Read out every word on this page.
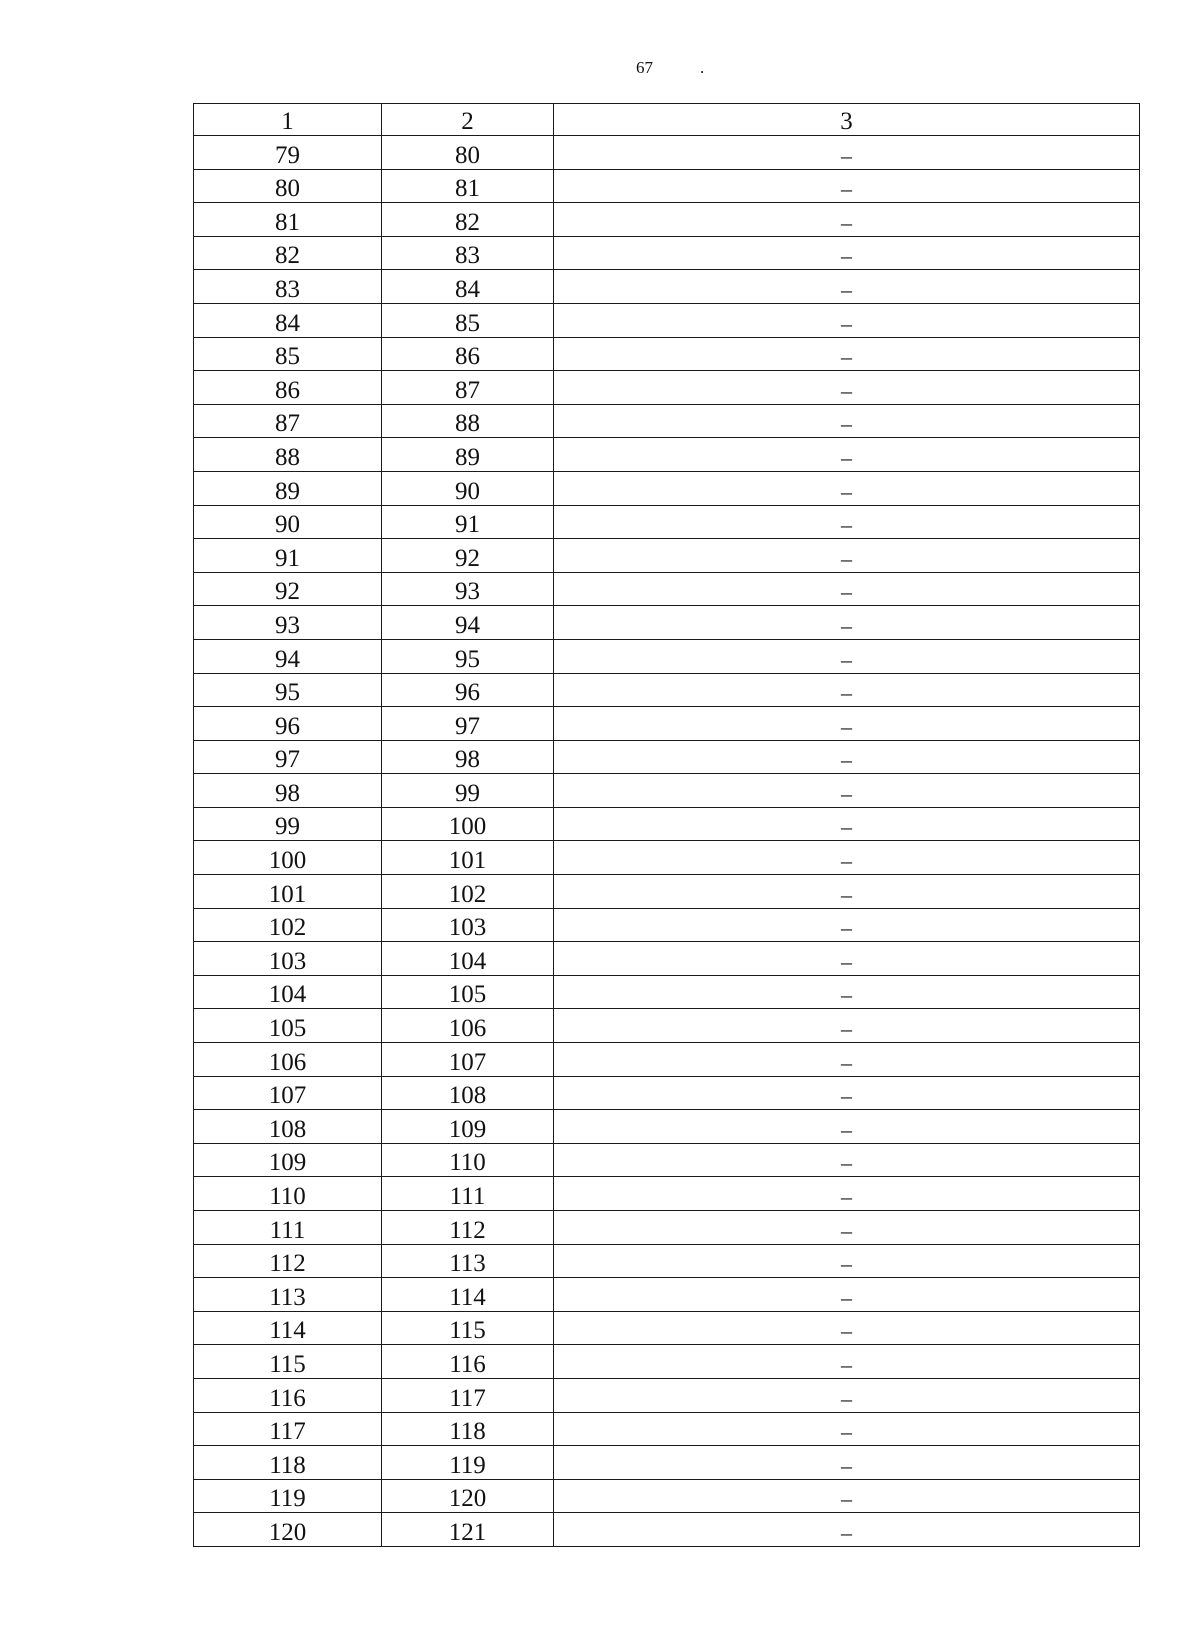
67	.
1	2	3
79	80	–
80	81	–
81	82	–
82	83	–
83	84	–
84	85	–
85	86	–
86	87	–
87	88	–
88	89	–
89	90	–
90	91	–
91	92	–
92	93	–
93	94	–
94	95	–
95	96	–
96	97	–
97	98	–
98	99	–
99	100	–
100	101	–
101	102	–
102	103	–
103	104	–
104	105	–
105	106	–
106	107	–
107	108	–
108	109	–
109	110	–
110	111	–
111	112	–
112	113	–
113	114	–
114	115	–
115	116	–
116	117	–
117	118	–
118	119	–
119	120	–
120	121	–
